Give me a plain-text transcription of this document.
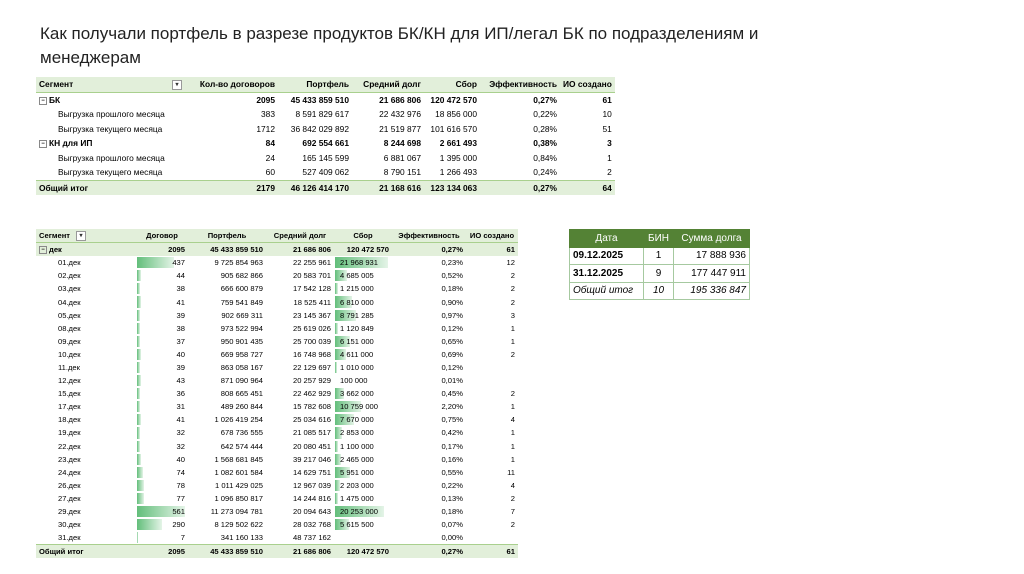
Как получали портфель в разрезе продуктов БК/КН для ИП/легал БК по подразделениям и менеджерам
Сегмент ▾	Кол-во договоров	Портфель	Средний долг	Сбор	Эффективность	ИО создано
− БК	2095	45 433 859 510	21 686 806	120 472 570	0,27%	61
Выгрузка прошлого месяца	383	8 591 829 617	22 432 976	18 856 000	0,22%	10
Выгрузка текущего месяца	1712	36 842 029 892	21 519 877	101 616 570	0,28%	51
− КН для ИП	84	692 554 661	8 244 698	2 661 493	0,38%	3
Выгрузка прошлого месяца	24	165 145 599	6 881 067	1 395 000	0,84%	1
Выгрузка текущего месяца	60	527 409 062	8 790 151	1 266 493	0,24%	2
Общий итог	2179	46 126 414 170	21 168 616	123 134 063	0,27%	64
Сегмент ▾	Договор	Портфель	Средний долг	Сбор	Эффективность	ИО создано
− дек	2095	45 433 859 510	21 686 806	120 472 570	0,27%	61
01.дек	437	9 725 854 963	22 255 961	21 968 931	0,23%	12
02.дек	44	905 682 866	20 583 701	4 685 005	0,52%	2
03.дек	38	666 600 879	17 542 128	1 215 000	0,18%	2
04.дек	41	759 541 849	18 525 411	6 810 000	0,90%	2
05.дек	39	902 669 311	23 145 367	8 791 285	0,97%	3
08.дек	38	973 522 994	25 619 026	1 120 849	0,12%	1
09.дек	37	950 901 435	25 700 039	6 151 000	0,65%	1
10.дек	40	669 958 727	16 748 968	4 611 000	0,69%	2
11.дек	39	863 058 167	22 129 697	1 010 000	0,12%	
12.дек	43	871 090 964	20 257 929	100 000	0,01%	
15.дек	36	808 665 451	22 462 929	3 662 000	0,45%	2
17.дек	31	489 260 844	15 782 608	10 759 000	2,20%	1
18.дек	41	1 026 419 254	25 034 616	7 670 000	0,75%	4
19.дек	32	678 736 555	21 085 517	2 853 000	0,42%	1
22.дек	32	642 574 444	20 080 451	1 100 000	0,17%	1
23.дек	40	1 568 681 845	39 217 046	2 465 000	0,16%	1
24.дек	74	1 082 601 584	14 629 751	5 951 000	0,55%	11
26.дек	78	1 011 429 025	12 967 039	2 203 000	0,22%	4
27.дек	77	1 096 850 817	14 244 816	1 475 000	0,13%	2
29.дек	561	11 273 094 781	20 094 643	20 253 000	0,18%	7
30.дек	290	8 129 502 622	28 032 768	5 615 500	0,07%	2
31.дек	7	341 160 133	48 737 162		0,00%	
Общий итог	2095	45 433 859 510	21 686 806	120 472 570	0,27%	61
Дата	БИН	Сумма долга
09.12.2025	1	17 888 936
31.12.2025	9	177 447 911
Общий итог	10	195 336 847
